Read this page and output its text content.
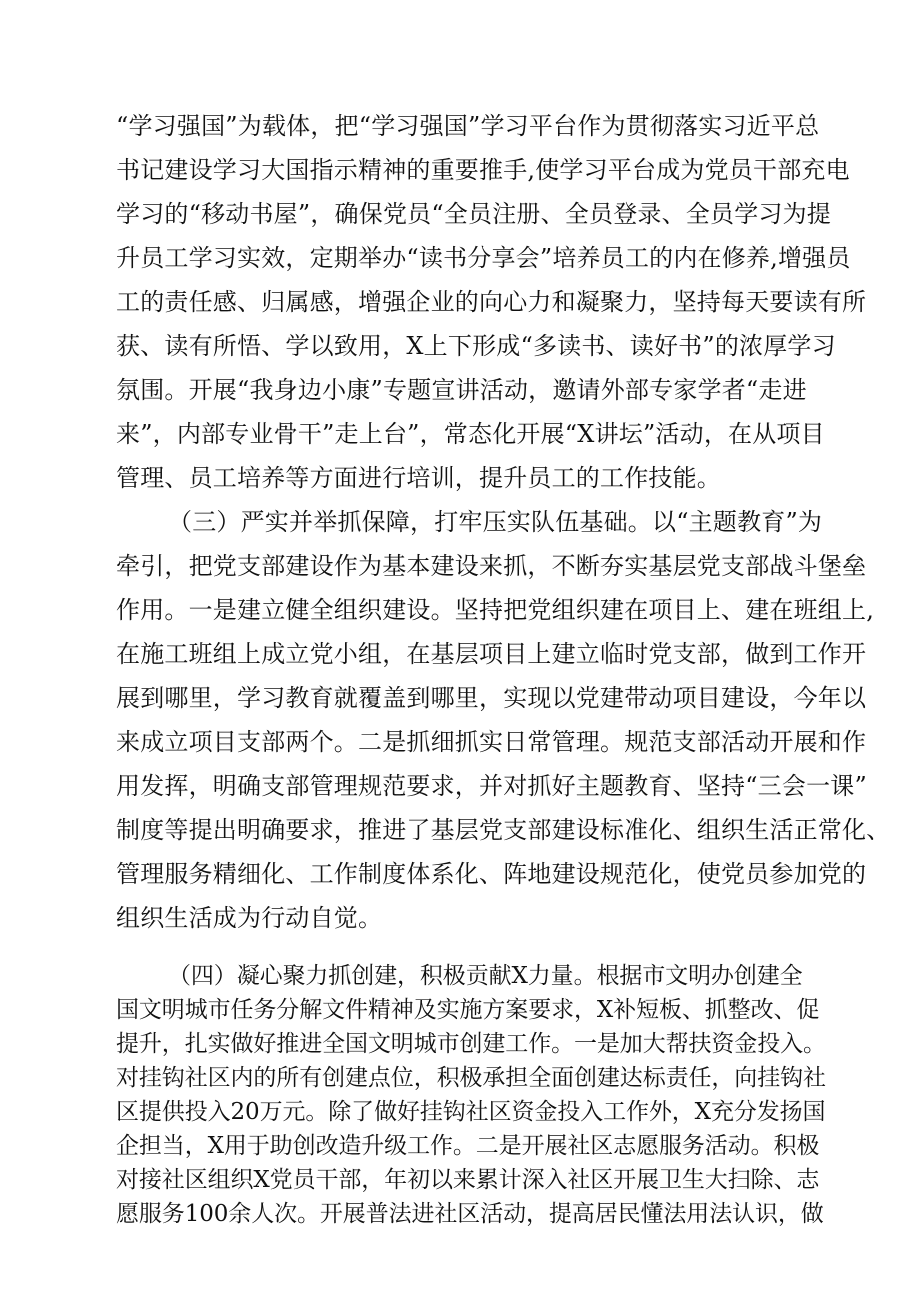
“学习强国”为载体，把“学习强国”学习平台作为贯彻落实习近平总
书记建设学习大国指示精神的重要推手,使学习平台成为党员干部充电
学习的“移动书屋”，确保党员“全员注册、全员登录、全员学习为提
升员工学习实效，定期举办“读书分享会”培养员工的内在修养,增强员
工的责任感、归属感，增强企业的向心力和凝聚力，坚持每天要读有所
获、读有所悟、学以致用，X上下形成“多读书、读好书”的浓厚学习
氛围。开展“我身边小康”专题宣讲活动，邀请外部专家学者“走进
来”，内部专业骨干”走上台”，常态化开展“X讲坛”活动，在从项目
管理、员工培养等方面进行培训，提升员工的工作技能。
（三）严实并举抓保障，打牢压实队伍基础。以“主题教育”为
牵引，把党支部建设作为基本建设来抓，不断夯实基层党支部战斗堡垒
作用。一是建立健全组织建设。坚持把党组织建在项目上、建在班组上,
在施工班组上成立党小组，在基层项目上建立临时党支部，做到工作开
展到哪里，学习教育就覆盖到哪里，实现以党建带动项目建设，今年以
来成立项目支部两个。二是抓细抓实日常管理。规范支部活动开展和作
用发挥，明确支部管理规范要求，并对抓好主题教育、坚持“三会一课”
制度等提出明确要求，推进了基层党支部建设标准化、组织生活正常化、
管理服务精细化、工作制度体系化、阵地建设规范化，使党员参加党的
组织生活成为行动自觉。
（四）凝心聚力抓创建，积极贡献X力量。根据市文明办创建全
国文明城市任务分解文件精神及实施方案要求，X补短板、抓整改、促
提升，扎实做好推进全国文明城市创建工作。一是加大帮扶资金投入。
对挂钩社区内的所有创建点位，积极承担全面创建达标责任，向挂钩社
区提供投入20万元。除了做好挂钩社区资金投入工作外，X充分发扬国
企担当，X用于助创改造升级工作。二是开展社区志愿服务活动。积极
对接社区组织X党员干部，年初以来累计深入社区开展卫生大扫除、志
愿服务100余人次。开展普法进社区活动，提高居民懂法用法认识，做
